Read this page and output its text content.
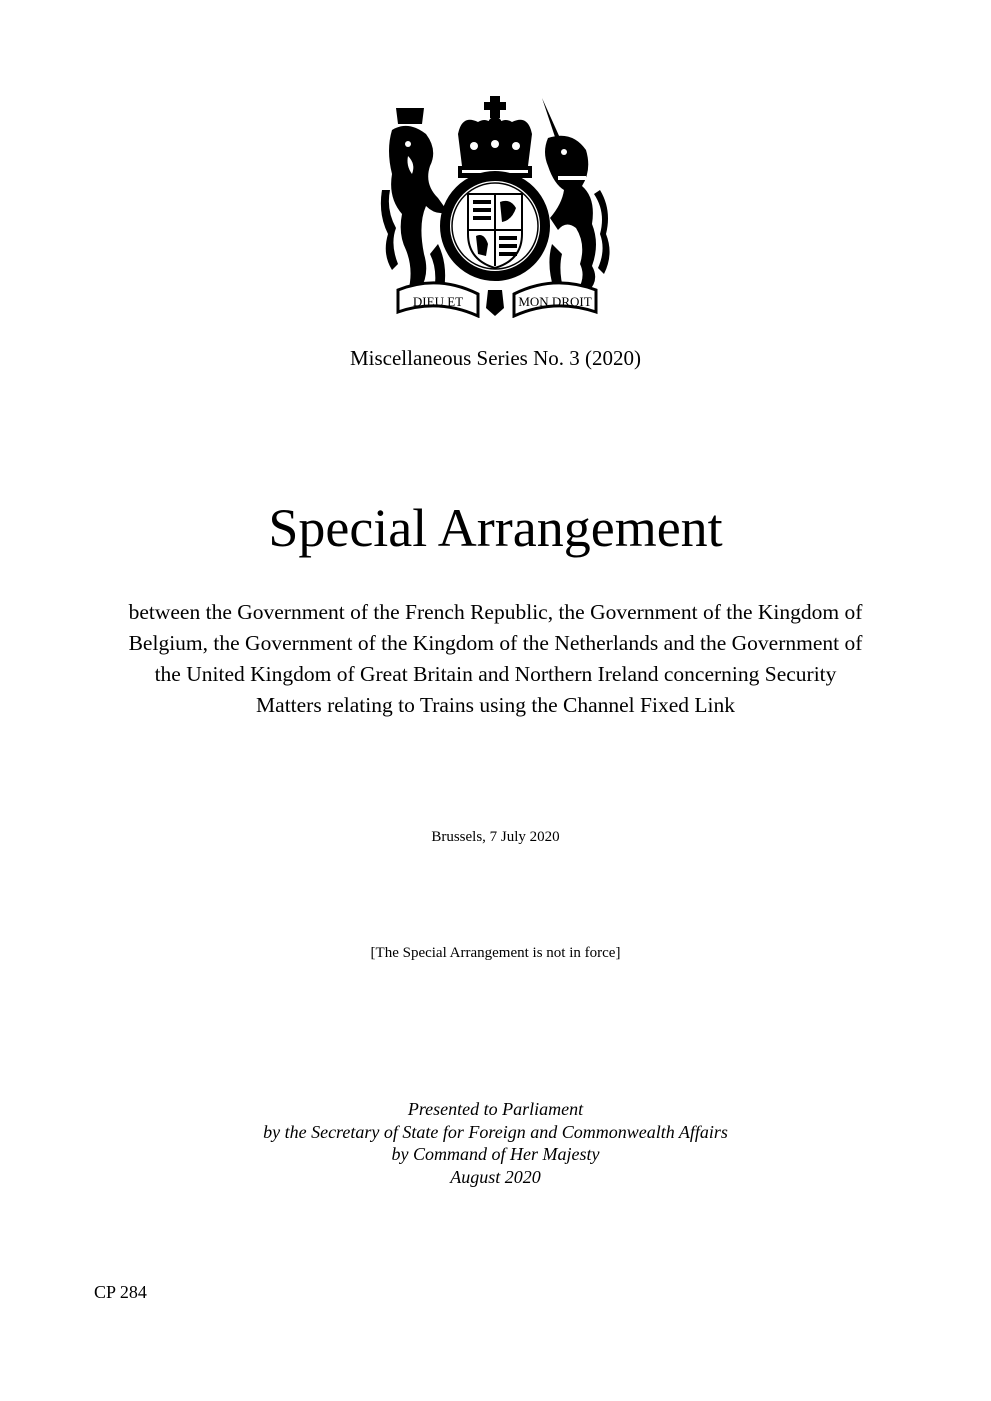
DIEU ET	MON DROIT
Miscellaneous Series No. 3 (2020)
Special Arrangement
between the Government of the French Republic, the Government of the Kingdom of
Belgium, the Government of the Kingdom of the Netherlands and the Government of
the United Kingdom of Great Britain and Northern Ireland concerning Security
Matters relating to Trains using the Channel Fixed Link
Brussels, 7 July 2020
[The Special Arrangement is not in force]
Presented to Parliament
by the Secretary of State for Foreign and Commonwealth Affairs
by Command of Her Majesty
August 2020
CP 284
